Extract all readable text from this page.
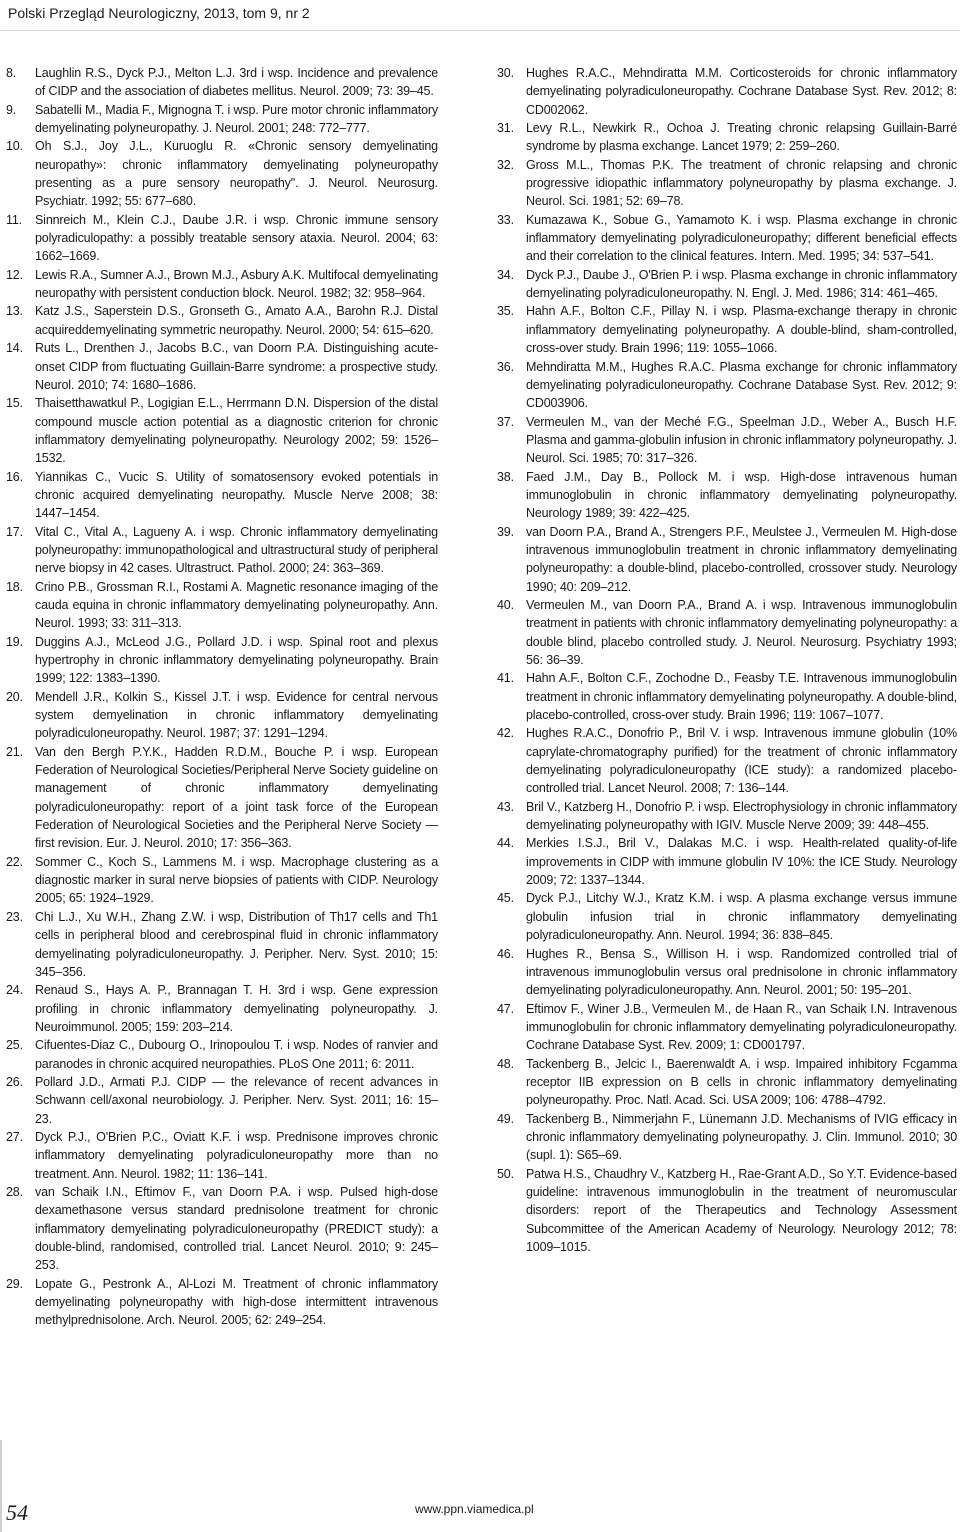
Polski Przegląd Neurologiczny, 2013, tom 9, nr 2
8.	Laughlin R.S., Dyck P.J., Melton L.J. 3rd i wsp. Incidence and prevalence of CIDP and the association of diabetes mellitus. Neurol. 2009; 73: 39–45.
9.	Sabatelli M., Madia F., Mignogna T. i wsp. Pure motor chronic inflammatory demyelinating polyneuropathy. J. Neurol. 2001; 248: 772–777.
10. Oh S.J., Joy J.L., Kuruoglu R. «Chronic sensory demyelinating neuropathy»: chronic inflammatory demyelinating polyneuropathy presenting as a pure sensory neuropathy". J. Neurol. Neurosurg. Psychiatr. 1992; 55: 677–680.
11.	Sinnreich M., Klein C.J., Daube J.R. i wsp. Chronic immune sensory polyradiculopathy: a possibly treatable sensory ataxia. Neurol. 2004; 63: 1662–1669.
12. Lewis R.A., Sumner A.J., Brown M.J., Asbury A.K. Multifocal demyelinating neuropathy with persistent conduction block. Neurol. 1982; 32: 958–964.
13. Katz J.S., Saperstein D.S., Gronseth G., Amato A.A., Barohn R.J. Distal acquireddemyelinating symmetric neuropathy. Neurol. 2000; 54: 615–620.
14. Ruts L., Drenthen J., Jacobs B.C., van Doorn P.A. Distinguishing acute-onset CIDP from fluctuating Guillain-Barre syndrome: a prospective study. Neurol. 2010; 74: 1680–1686.
15. Thaisetthawatkul P., Logigian E.L., Herrmann D.N. Dispersion of the distal compound muscle action potential as a diagnostic criterion for chronic inflammatory demyelinating polyneuropathy. Neurology 2002; 59: 1526–1532.
16. Yiannikas C., Vucic S. Utility of somatosensory evoked potentials in chronic acquired demyelinating neuropathy. Muscle Nerve 2008; 38: 1447–1454.
17. Vital C., Vital A., Lagueny A. i wsp. Chronic inflammatory demyelinating polyneuropathy: immunopathological and ultrastructural study of peripheral nerve biopsy in 42 cases. Ultrastruct. Pathol. 2000; 24: 363–369.
18. Crino P.B., Grossman R.I., Rostami A. Magnetic resonance imaging of the cauda equina in chronic inflammatory demyelinating polyneuropathy. Ann. Neurol. 1993; 33: 311–313.
19. Duggins A.J., McLeod J.G., Pollard J.D. i wsp. Spinal root and plexus hypertrophy in chronic inflammatory demyelinating polyneuropathy. Brain 1999; 122: 1383–1390.
20. Mendell J.R., Kolkin S., Kissel J.T. i wsp. Evidence for central nervous system demyelination in chronic inflammatory demyelinating polyradiculoneuropathy. Neurol. 1987; 37: 1291–1294.
21. Van den Bergh P.Y.K., Hadden R.D.M., Bouche P. i wsp. European Federation of Neurological Societies/Peripheral Nerve Society guideline on management of chronic inflammatory demyelinating polyradiculoneuropathy: report of a joint task force of the European Federation of Neurological Societies and the Peripheral Nerve Society — first revision. Eur. J. Neurol. 2010; 17: 356–363.
22. Sommer C., Koch S., Lammens M. i wsp. Macrophage clustering as a diagnostic marker in sural nerve biopsies of patients with CIDP. Neurology 2005; 65: 1924–1929.
23. Chi L.J., Xu W.H., Zhang Z.W. i wsp, Distribution of Th17 cells and Th1 cells in peripheral blood and cerebrospinal fluid in chronic inflammatory demyelinating polyradiculoneuropathy. J. Peripher. Nerv. Syst. 2010; 15: 345–356.
24. Renaud S., Hays A. P., Brannagan T. H. 3rd i wsp. Gene expression profiling in chronic inflammatory demyelinating polyneuropathy. J. Neuroimmunol. 2005; 159: 203–214.
25. Cifuentes-Diaz C., Dubourg O., Irinopoulou T. i wsp. Nodes of ranvier and paranodes in chronic acquired neuropathies. PLoS One 2011; 6: 2011.
26. Pollard J.D., Armati P.J. CIDP — the relevance of recent advances in Schwann cell/axonal neurobiology. J. Peripher. Nerv. Syst. 2011; 16: 15–23.
27. Dyck P.J., O'Brien P.C., Oviatt K.F. i wsp. Prednisone improves chronic inflammatory demyelinating polyradiculoneuropathy more than no treatment. Ann. Neurol. 1982; 11: 136–141.
28. van Schaik I.N., Eftimov F., van Doorn P.A. i wsp. Pulsed high-dose dexamethasone versus standard prednisolone treatment for chronic inflammatory demyelinating polyradiculoneuropathy (PREDICT study): a double-blind, randomised, controlled trial. Lancet Neurol. 2010; 9: 245–253.
29. Lopate G., Pestronk A., Al-Lozi M. Treatment of chronic inflammatory demyelinating polyneuropathy with high-dose intermittent intravenous methylprednisolone. Arch. Neurol. 2005; 62: 249–254.
30. Hughes R.A.C., Mehndiratta M.M. Corticosteroids for chronic inflammatory demyelinating polyradiculoneuropathy. Cochrane Database Syst. Rev. 2012; 8: CD002062.
31. Levy R.L., Newkirk R., Ochoa J. Treating chronic relapsing Guillain-Barré syndrome by plasma exchange. Lancet 1979; 2: 259–260.
32. Gross M.L., Thomas P.K. The treatment of chronic relapsing and chronic progressive idiopathic inflammatory polyneuropathy by plasma exchange. J. Neurol. Sci. 1981; 52: 69–78.
33. Kumazawa K., Sobue G., Yamamoto K. i wsp. Plasma exchange in chronic inflammatory demyelinating polyradiculoneuropathy; different beneficial effects and their correlation to the clinical features. Intern. Med. 1995; 34: 537–541.
34. Dyck P.J., Daube J., O'Brien P. i wsp. Plasma exchange in chronic inflammatory demyelinating polyradiculoneuropathy. N. Engl. J. Med. 1986; 314: 461–465.
35. Hahn A.F., Bolton C.F., Pillay N. i wsp. Plasma-exchange therapy in chronic inflammatory demyelinating polyneuropathy. A double-blind, sham-controlled, cross-over study. Brain 1996; 119: 1055–1066.
36. Mehndiratta M.M., Hughes R.A.C. Plasma exchange for chronic inflammatory demyelinating polyradiculoneuropathy. Cochrane Database Syst. Rev. 2012; 9: CD003906.
37. Vermeulen M., van der Meché F.G., Speelman J.D., Weber A., Busch H.F. Plasma and gamma-globulin infusion in chronic inflammatory polyneuropathy. J. Neurol. Sci. 1985; 70: 317–326.
38. Faed J.M., Day B., Pollock M. i wsp. High-dose intravenous human immunoglobulin in chronic inflammatory demyelinating polyneuropathy. Neurology 1989; 39: 422–425.
39. van Doorn P.A., Brand A., Strengers P.F., Meulstee J., Vermeulen M. High-dose intravenous immunoglobulin treatment in chronic inflammatory demyelinating polyneuropathy: a double-blind, placebo-controlled, crossover study. Neurology 1990; 40: 209–212.
40. Vermeulen M., van Doorn P.A., Brand A. i wsp. Intravenous immunoglobulin treatment in patients with chronic inflammatory demyelinating polyneuropathy: a double blind, placebo controlled study. J. Neurol. Neurosurg. Psychiatry 1993; 56: 36–39.
41. Hahn A.F., Bolton C.F., Zochodne D., Feasby T.E. Intravenous immunoglobulin treatment in chronic inflammatory demyelinating polyneuropathy. A double-blind, placebo-controlled, cross-over study. Brain 1996; 119: 1067–1077.
42. Hughes R.A.C., Donofrio P., Bril V. i wsp. Intravenous immune globulin (10% caprylate-chromatography purified) for the treatment of chronic inflammatory demyelinating polyradiculoneuropathy (ICE study): a randomized placebo-controlled trial. Lancet Neurol. 2008; 7: 136–144.
43. Bril V., Katzberg H., Donofrio P. i wsp. Electrophysiology in chronic inflammatory demyelinating polyneuropathy with IGIV. Muscle Nerve 2009; 39: 448–455.
44. Merkies I.S.J., Bril V., Dalakas M.C. i wsp. Health-related quality-of-life improvements in CIDP with immune globulin IV 10%: the ICE Study. Neurology 2009; 72: 1337–1344.
45. Dyck P.J., Litchy W.J., Kratz K.M. i wsp. A plasma exchange versus immune globulin infusion trial in chronic inflammatory demyelinating polyradiculoneuropathy. Ann. Neurol. 1994; 36: 838–845.
46. Hughes R., Bensa S., Willison H. i wsp. Randomized controlled trial of intravenous immunoglobulin versus oral prednisolone in chronic inflammatory demyelinating polyradiculoneuropathy. Ann. Neurol. 2001; 50: 195–201.
47. Eftimov F., Winer J.B., Vermeulen M., de Haan R., van Schaik I.N. Intravenous immunoglobulin for chronic inflammatory demyelinating polyradiculoneuropathy. Cochrane Database Syst. Rev. 2009; 1: CD001797.
48. Tackenberg B., Jelcic I., Baerenwaldt A. i wsp. Impaired inhibitory Fcgamma receptor IIB expression on B cells in chronic inflammatory demyelinating polyneuropathy. Proc. Natl. Acad. Sci. USA 2009; 106: 4788–4792.
49. Tackenberg B., Nimmerjahn F., Lünemann J.D. Mechanisms of IVIG efficacy in chronic inflammatory demyelinating polyneuropathy. J. Clin. Immunol. 2010; 30 (supl. 1): S65–69.
50. Patwa H.S., Chaudhry V., Katzberg H., Rae-Grant A.D., So Y.T. Evidence-based guideline: intravenous immunoglobulin in the treatment of neuromuscular disorders: report of the Therapeutics and Technology Assessment Subcommittee of the American Academy of Neurology. Neurology 2012; 78: 1009–1015.
54	www.ppn.viamedica.pl
